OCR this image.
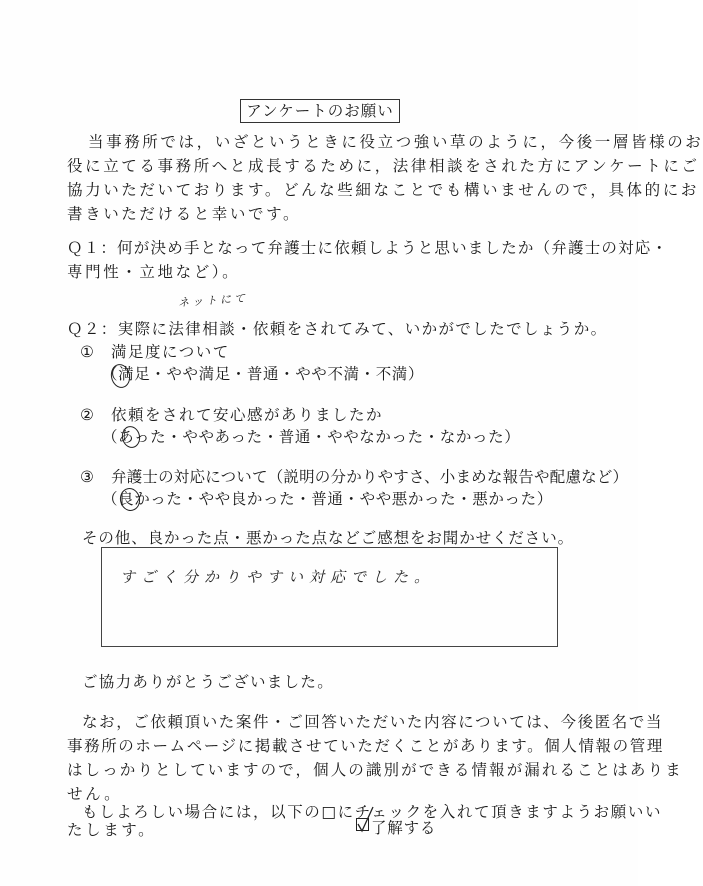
アンケートのお願い
当事務所では，いざというときに役立つ強い草のように，今後一層皆様のお
役に立てる事務所へと成長するために，法律相談をされた方にアンケートにご
協力いただいております。どんな些細なことでも構いませんので，具体的にお
書きいただけると幸いです。
Ｑ１：何が決め手となって弁護士に依頼しようと思いましたか（弁護士の対応・
専門性・立地など）。
ネットにて
Ｑ２：実際に法律相談・依頼をされてみて、いかがでしたでしょうか。
① 満足度について
（満足・やや満足・普通・やや不満・不満）
② 依頼をされて安心感がありましたか
（あった・ややあった・普通・ややなかった・なかった）
③ 弁護士の対応について（説明の分かりやすさ、小まめな報告や配慮など）
（良かった・やや良かった・普通・やや悪かった・悪かった）
その他、良かった点・悪かった点などご感想をお聞かせください。
すごく分かりやすい対応でした。
ご協力ありがとうございました。
なお，ご依頼頂いた案件・ご回答いただいた内容については、今後匿名で当
事務所のホームページに掲載させていただくことがあります。個人情報の管理
はしっかりとしていますので，個人の識別ができる情報が漏れることはありま
せん。
もしよろしい場合には，以下の□にチェックを入れて頂きますようお願いい
たします。	了解する
